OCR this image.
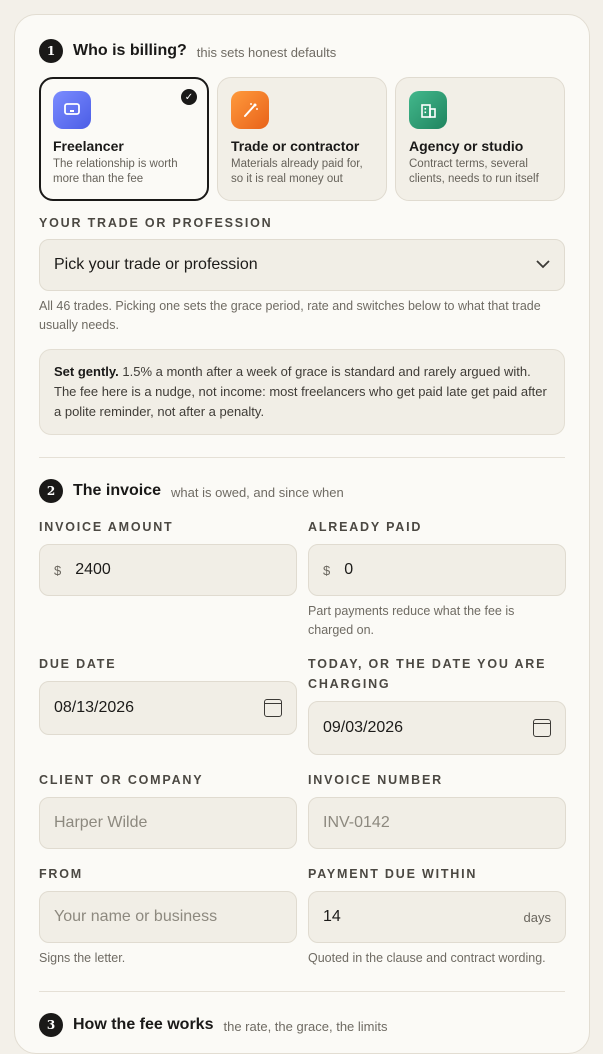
1	Who is billing? this sets honest defaults
✓
Freelancer
The relationship is worth more than the fee
Trade or contractor
Materials already paid for, so it is real money out
Agency or studio
Contract terms, several clients, needs to run itself
YOUR TRADE OR PROFESSION
Pick your trade or profession
All 46 trades. Picking one sets the grace period, rate and switches below to what that trade usually needs.
Set gently. 1.5% a month after a week of grace is standard and rarely argued with. The fee here is a nudge, not income: most freelancers who get paid late get paid after a polite reminder, not after a penalty.
2	The invoice what is owed, and since when
INVOICE AMOUNT
$ 2400
ALREADY PAID
$ 0
Part payments reduce what the fee is charged on.
DUE DATE
08/13/2026
TODAY, OR THE DATE YOU ARE CHARGING
09/03/2026
CLIENT OR COMPANY
Harper Wilde
INVOICE NUMBER
INV-0142
FROM
Your name or business
Signs the letter.
PAYMENT DUE WITHIN
14	days
Quoted in the clause and contract wording.
3	How the fee works the rate, the grace, the limits
